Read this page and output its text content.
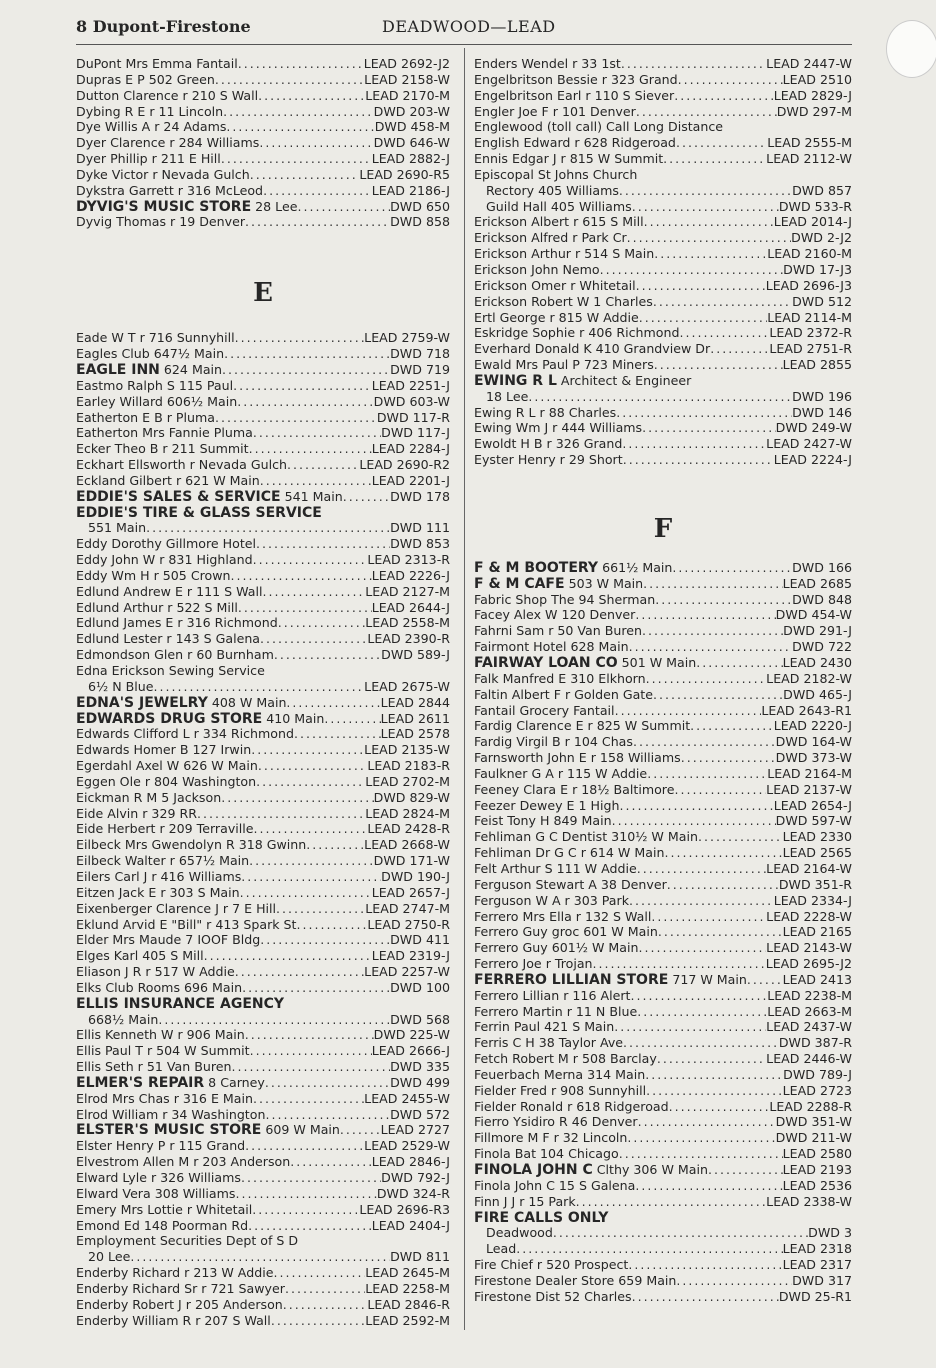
8 Dupont-Firestone	DEADWOOD—LEAD
DuPont Mrs Emma Fantail .....	LEAD 2692-J2
Dupras E P 502 Green .....	LEAD 2158-W
Dutton Clarence r 210 S Wall .....	LEAD 2170-M
Dybing R E r 11 Lincoln .....	DWD 203-W
Dye Willis A r 24 Adams .....	DWD 458-M
Dyer Clarence r 284 Williams .....	DWD 646-W
Dyer Phillip r 211 E Hill .....	LEAD 2882-J
Dyke Victor r Nevada Gulch .....	LEAD 2690-R5
Dykstra Garrett r 316 McLeod .....	LEAD 2186-J
DYVIG'S MUSIC STORE 28 Lee .....	DWD 650
Dyvig Thomas r 19 Denver .....	DWD 858
E
Eade W T r 716 Sunnyhill .....	LEAD 2759-W
Eagles Club 647½ Main .....	DWD 718
EAGLE INN 624 Main .....	DWD 719
Eastmo Ralph S 115 Paul .....	LEAD 2251-J
Earley Willard 606½ Main .....	DWD 603-W
Eatherton E B r Pluma .....	DWD 117-R
Eatherton Mrs Fannie Pluma .....	DWD 117-J
Ecker Theo B r 211 Summit .....	LEAD 2284-J
Eckhart Ellsworth r Nevada Gulch .....	LEAD 2690-R2
Eckland Gilbert r 621 W Main .....	LEAD 2201-J
EDDIE'S SALES & SERVICE 541 Main .....	DWD 178
EDDIE'S TIRE & GLASS SERVICE
551 Main .....	DWD 111
Eddy Dorothy Gillmore Hotel .....	DWD 853
Eddy John W r 831 Highland .....	LEAD 2313-R
Eddy Wm H r 505 Crown .....	LEAD 2226-J
Edlund Andrew E r 111 S Wall .....	LEAD 2127-M
Edlund Arthur r 522 S Mill .....	LEAD 2644-J
Edlund James E r 316 Richmond .....	LEAD 2558-M
Edlund Lester r 143 S Galena .....	LEAD 2390-R
Edmondson Glen r 60 Burnham .....	DWD 589-J
Edna Erickson Sewing Service
6½ N Blue .....	LEAD 2675-W
EDNA'S JEWELRY 408 W Main .....	LEAD 2844
EDWARDS DRUG STORE 410 Main .....	LEAD 2611
Edwards Clifford L r 334 Richmond .....	LEAD 2578
Edwards Homer B 127 Irwin .....	LEAD 2135-W
Egerdahl Axel W 626 W Main .....	LEAD 2183-R
Eggen Ole r 804 Washington .....	LEAD 2702-M
Eickman R M 5 Jackson .....	DWD 829-W
Eide Alvin r 329 RR .....	LEAD 2824-M
Eide Herbert r 209 Terraville .....	LEAD 2428-R
Eilbeck Mrs Gwendolyn R 318 Gwinn .....	LEAD 2668-W
Eilbeck Walter r 657½ Main .....	DWD 171-W
Eilers Carl J r 416 Williams .....	DWD 190-J
Eitzen Jack E r 303 S Main .....	LEAD 2657-J
Eixenberger Clarence J r 7 E Hill .....	LEAD 2747-M
Eklund Arvid E "Bill" r 413 Spark St .....	LEAD 2750-R
Elder Mrs Maude 7 IOOF Bldg .....	DWD 411
Elges Karl 405 S Mill .....	LEAD 2319-J
Eliason J R r 517 W Addie .....	LEAD 2257-W
Elks Club Rooms 696 Main .....	DWD 100
ELLIS INSURANCE AGENCY
668½ Main .....	DWD 568
Ellis Kenneth W r 906 Main .....	DWD 225-W
Ellis Paul T r 504 W Summit .....	LEAD 2666-J
Ellis Seth r 51 Van Buren .....	DWD 335
ELMER'S REPAIR 8 Carney .....	DWD 499
Elrod Mrs Chas r 316 E Main .....	LEAD 2455-W
Elrod William r 34 Washington .....	DWD 572
ELSTER'S MUSIC STORE 609 W Main .....	LEAD 2727
Elster Henry P r 115 Grand .....	LEAD 2529-W
Elvestrom Allen M r 203 Anderson .....	LEAD 2846-J
Elward Lyle r 326 Williams .....	DWD 792-J
Elward Vera 308 Williams .....	DWD 324-R
Emery Mrs Lottie r Whitetail .....	LEAD 2696-R3
Emond Ed 148 Poorman Rd .....	LEAD 2404-J
Employment Securities Dept of S D
20 Lee .....	DWD 811
Enderby Richard r 213 W Addie .....	LEAD 2645-M
Enderby Richard Sr r 721 Sawyer .....	LEAD 2258-M
Enderby Robert J r 205 Anderson .....	LEAD 2846-R
Enderby William R r 207 S Wall .....	LEAD 2592-M
Enders Wendel r 33 1st .....	LEAD 2447-W
Engelbritson Bessie r 323 Grand .....	LEAD 2510
Engelbritson Earl r 110 S Siever .....	LEAD 2829-J
Engler Joe F r 101 Denver .....	DWD 297-M
Englewood (toll call) Call Long Distance
English Edward r 628 Ridgeroad .....	LEAD 2555-M
Ennis Edgar J r 815 W Summit .....	LEAD 2112-W
Episcopal St Johns Church
Rectory 405 Williams .....	DWD 857
Guild Hall 405 Williams .....	DWD 533-R
Erickson Albert r 615 S Mill .....	LEAD 2014-J
Erickson Alfred r Park Cr .....	DWD 2-J2
Erickson Arthur r 514 S Main .....	LEAD 2160-M
Erickson John Nemo .....	DWD 17-J3
Erickson Omer r Whitetail .....	LEAD 2696-J3
Erickson Robert W 1 Charles .....	DWD 512
Ertl George r 815 W Addie .....	LEAD 2114-M
Eskridge Sophie r 406 Richmond .....	LEAD 2372-R
Everhard Donald K 410 Grandview Dr .....	LEAD 2751-R
Ewald Mrs Paul P 723 Miners .....	LEAD 2855
EWING R L Architect & Engineer
18 Lee .....	DWD 196
Ewing R L r 88 Charles .....	DWD 146
Ewing Wm J r 444 Williams .....	DWD 249-W
Ewoldt H B r 326 Grand .....	LEAD 2427-W
Eyster Henry r 29 Short .....	LEAD 2224-J
F
F & M BOOTERY 661½ Main .....	DWD 166
F & M CAFE 503 W Main .....	LEAD 2685
Fabric Shop The 94 Sherman .....	DWD 848
Facey Alex W 120 Denver .....	DWD 454-W
Fahrni Sam r 50 Van Buren .....	DWD 291-J
Fairmont Hotel 628 Main .....	DWD 722
FAIRWAY LOAN CO 501 W Main .....	LEAD 2430
Falk Manfred E 310 Elkhorn .....	LEAD 2182-W
Faltin Albert F r Golden Gate .....	DWD 465-J
Fantail Grocery Fantail .....	LEAD 2643-R1
Fardig Clarence E r 825 W Summit .....	LEAD 2220-J
Fardig Virgil B r 104 Chas .....	DWD 164-W
Farnsworth John E r 158 Williams .....	DWD 373-W
Faulkner G A r 115 W Addie .....	LEAD 2164-M
Feeney Clara E r 18½ Baltimore .....	LEAD 2137-W
Feezer Dewey E 1 High .....	LEAD 2654-J
Feist Tony H 849 Main .....	DWD 597-W
Fehliman G C Dentist 310½ W Main .....	LEAD 2330
Fehliman Dr G C r 614 W Main .....	LEAD 2565
Felt Arthur S 111 W Addie .....	LEAD 2164-W
Ferguson Stewart A 38 Denver .....	DWD 351-R
Ferguson W A r 303 Park .....	LEAD 2334-J
Ferrero Mrs Ella r 132 S Wall .....	LEAD 2228-W
Ferrero Guy groc 601 W Main .....	LEAD 2165
Ferrero Guy 601½ W Main .....	LEAD 2143-W
Ferrero Joe r Trojan .....	LEAD 2695-J2
FERRERO LILLIAN STORE 717 W Main .....	LEAD 2413
Ferrero Lillian r 116 Alert .....	LEAD 2238-M
Ferrero Martin r 11 N Blue .....	LEAD 2663-M
Ferrin Paul 421 S Main .....	LEAD 2437-W
Ferris C H 38 Taylor Ave .....	DWD 387-R
Fetch Robert M r 508 Barclay .....	LEAD 2446-W
Feuerbach Merna 314 Main .....	DWD 789-J
Fielder Fred r 908 Sunnyhill .....	LEAD 2723
Fielder Ronald r 618 Ridgeroad .....	LEAD 2288-R
Fierro Ysidiro R 46 Denver .....	DWD 351-W
Fillmore M F r 32 Lincoln .....	DWD 211-W
Finola Bat 104 Chicago .....	LEAD 2580
FINOLA JOHN C Clthy 306 W Main .....	LEAD 2193
Finola John C 15 S Galena .....	LEAD 2536
Finn J J r 15 Park .....	LEAD 2338-W
FIRE CALLS ONLY
Deadwood .....	DWD 3
Lead .....	LEAD 2318
Fire Chief r 520 Prospect .....	LEAD 2317
Firestone Dealer Store 659 Main .....	DWD 317
Firestone Dist 52 Charles .....	DWD 25-R1
